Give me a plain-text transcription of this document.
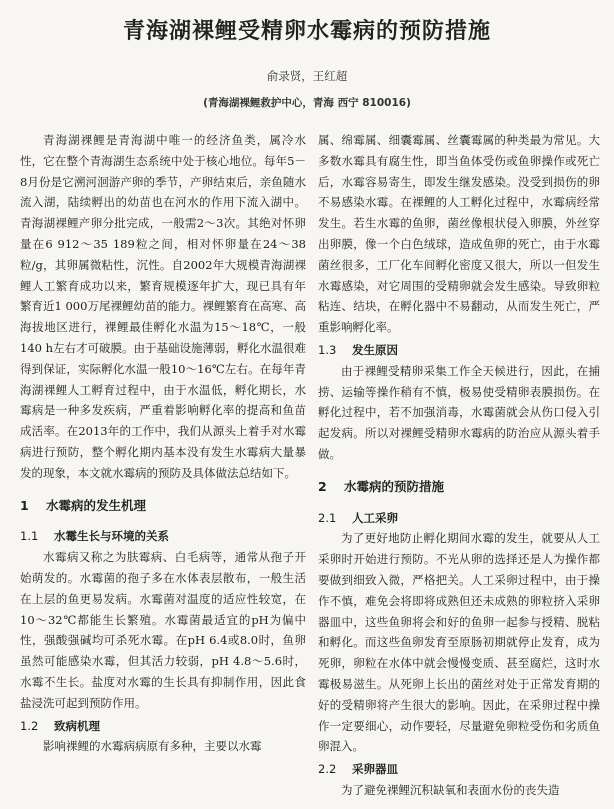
青海湖裸鲤受精卵水霉病的预防措施
俞录贤，王红超
(青海湖裸鲤救护中心，青海 西宁 810016)

青海湖裸鲤是青海湖中唯一的经济鱼类，属冷水性，它在整个青海湖生态系统中处于核心地位。每年5－8月份是它溯河洄游产卵的季节，产卵结束后，亲鱼随水流入湖，陆续孵出的幼苗也在河水的作用下流入湖中。青海湖裸鲤产卵分批完成，一般需2～3次。其绝对怀卵量在6 912～35 189粒之间，相对怀卵量在24～38粒/g，其卵属微粘性，沉性。自2002年大规模青海湖裸鲤人工繁育成功以来，繁育规模逐年扩大，现已具有年繁育近1 000万尾裸鲤幼苗的能力。裸鲤繁育在高寒、高海拔地区进行，裸鲤最佳孵化水温为15～18℃，一般140 h左右才可破膜。由于基础设施薄弱，孵化水温很难得到保证，实际孵化水温一般10～16℃左右。在每年青海湖裸鲤人工孵育过程中，由于水温低，孵化期长，水霉病是一种多发疾病，严重着影响孵化率的提高和鱼苗成活率。在2013年的工作中，我们从源头上着手对水霉病进行预防，整个孵化期内基本没有发生水霉病大量暴发的现象，本文就水霉病的预防及具体做法总结如下。

1 水霉病的发生机理
1.1 水霉生长与环境的关系

水霉病又称之为肤霉病、白毛病等，通常从孢子开始萌发的。水霉菌的孢子多在水体表层散布，一般生活在上层的鱼更易发病。水霉菌对温度的适应性较宽，在10～32℃都能生长繁殖。水霉菌最适宜的pH为偏中性，强酸强碱均可杀死水霉。在pH 6.4或8.0时，鱼卵虽然可能感染水霉，但其活力较弱，pH 4.8～5.6时，水霉不生长。盐度对水霉的生长具有抑制作用，因此食盐浸洗可起到预防作用。

1.2 致病机理

影响裸鲤的水霉病病原有多种，主要以水霉

属、绵霉属、细囊霉属、丝囊霉属的种类最为常见。大多数水霉具有腐生性，即当鱼体受伤或鱼卵操作或死亡后，水霉容易寄生，即发生继发感染。没受到损伤的卵不易感染水霉。在裸鲤的人工孵化过程中，水霉病经常发生。若生水霉的鱼卵，菌丝像根状侵入卵膜，外丝穿出卵膜，像一个白色绒球，造成鱼卵的死亡，由于水霉菌丝很多，工厂化车间孵化密度又很大，所以一但发生水霉感染，对它周围的受精卵就会发生感染。导致卵粒粘连、结块，在孵化器中不易翻动，从而发生死亡，严重影响孵化率。

1.3 发生原因

由于裸鲤受精卵采集工作全天候进行，因此，在捕捞、运输等操作稍有不慎，极易使受精卵表膜损伤。在孵化过程中，若不加强消毒，水霉菌就会从伤口侵入引起发病。所以对裸鲤受精卵水霉病的防治应从源头着手做。

2 水霉病的预防措施
2.1 人工采卵

为了更好地防止孵化期间水霉的发生，就要从人工采卵时开始进行预防。不光从卵的选择还是人为操作都要做到细致入微，严格把关。人工采卵过程中，由于操作不慎，难免会将即将成熟但还未成熟的卵粒挤入采卵器皿中，这些鱼卵将会和好的鱼卵一起参与授精、脱粘和孵化。而这些鱼卵发育至原肠初期就停止发育，成为死卵，卵粒在水体中就会慢慢变质、甚至腐烂，这时水霉极易滋生。从死卵上长出的菌丝对处于正常发育期的好的受精卵将产生很大的影响。因此，在采卵过程中操作一定要细心，动作要轻，尽量避免卵粒受伤和劣质鱼卵混入。

2.2 采卵器皿

为了避免裸鲤沉积缺氧和表面水份的丧失造
